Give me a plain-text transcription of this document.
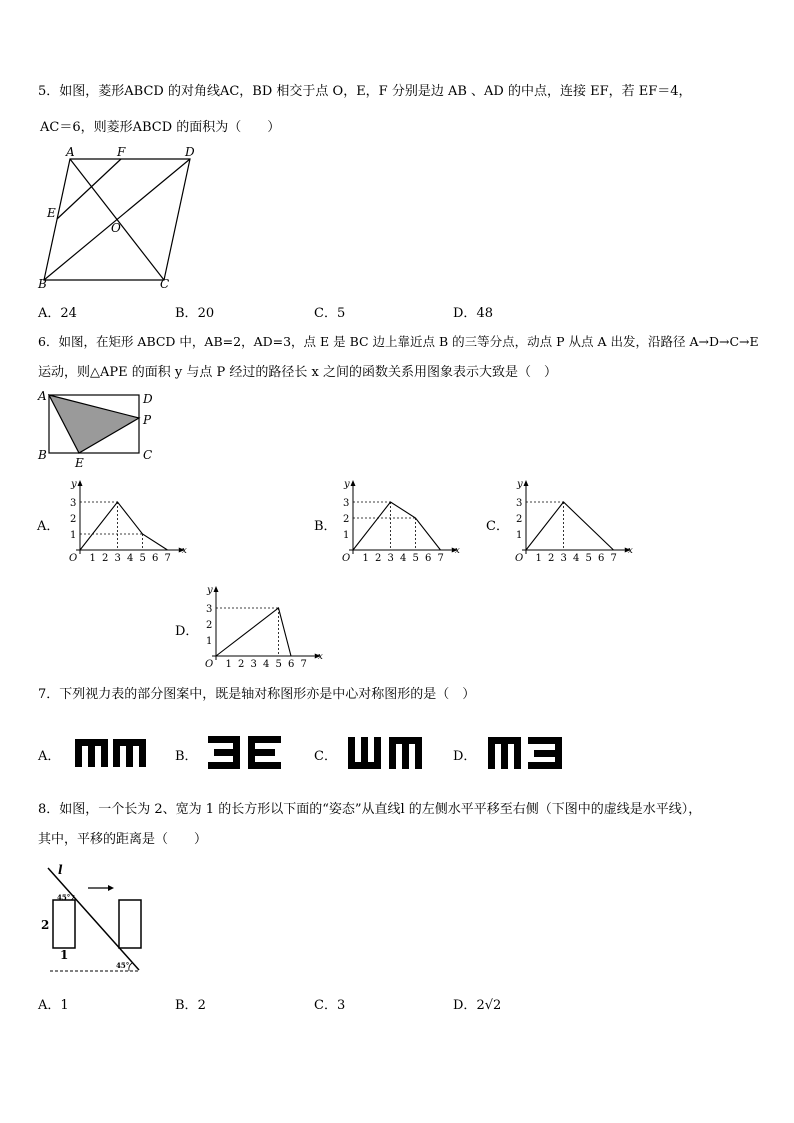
5．如图，菱形ABCD 的对角线AC，BD 相交于点 O，E，F 分别是边 AB 、AD 的中点，连接 EF，若 EF＝4，
AC＝6，则菱形ABCD 的面积为（　　）
A	F	D
E
O
B	C
A．24	B．20	C．5	D．48
6．如图，在矩形 ABCD 中，AB=2，AD=3，点 E 是 BC 边上靠近点 B 的三等分点，动点 P 从点 A 出发，沿路径 A→D→C→E
运动，则△APE 的面积 y 与点 P 经过的路径长 x 之间的函数关系用图象表示大致是（　）
A	D
P
B
E
C
A．	B．	C．
D．
y
x
O 1 2 3 4 5 6 7
1
2
3
y
x
O 1 2 3 4 5 6 7
1
2
3
y
x
O 1 2 3 4 5 6 7
1
2
3
y
x
O 1 2 3 4 5 6 7
1
2
3
7．下列视力表的部分图案中，既是轴对称图形亦是中心对称图形的是（　）
A．	B．	C．	D．
8．如图，一个长为 2、宽为 1 的长方形以下面的“姿态”从直线l 的左侧水平平移至右侧（下图中的虚线是水平线），
其中，平移的距离是（　　）
l
45°
2
1
45°
A．1	B．2	C．3	D．2√2
